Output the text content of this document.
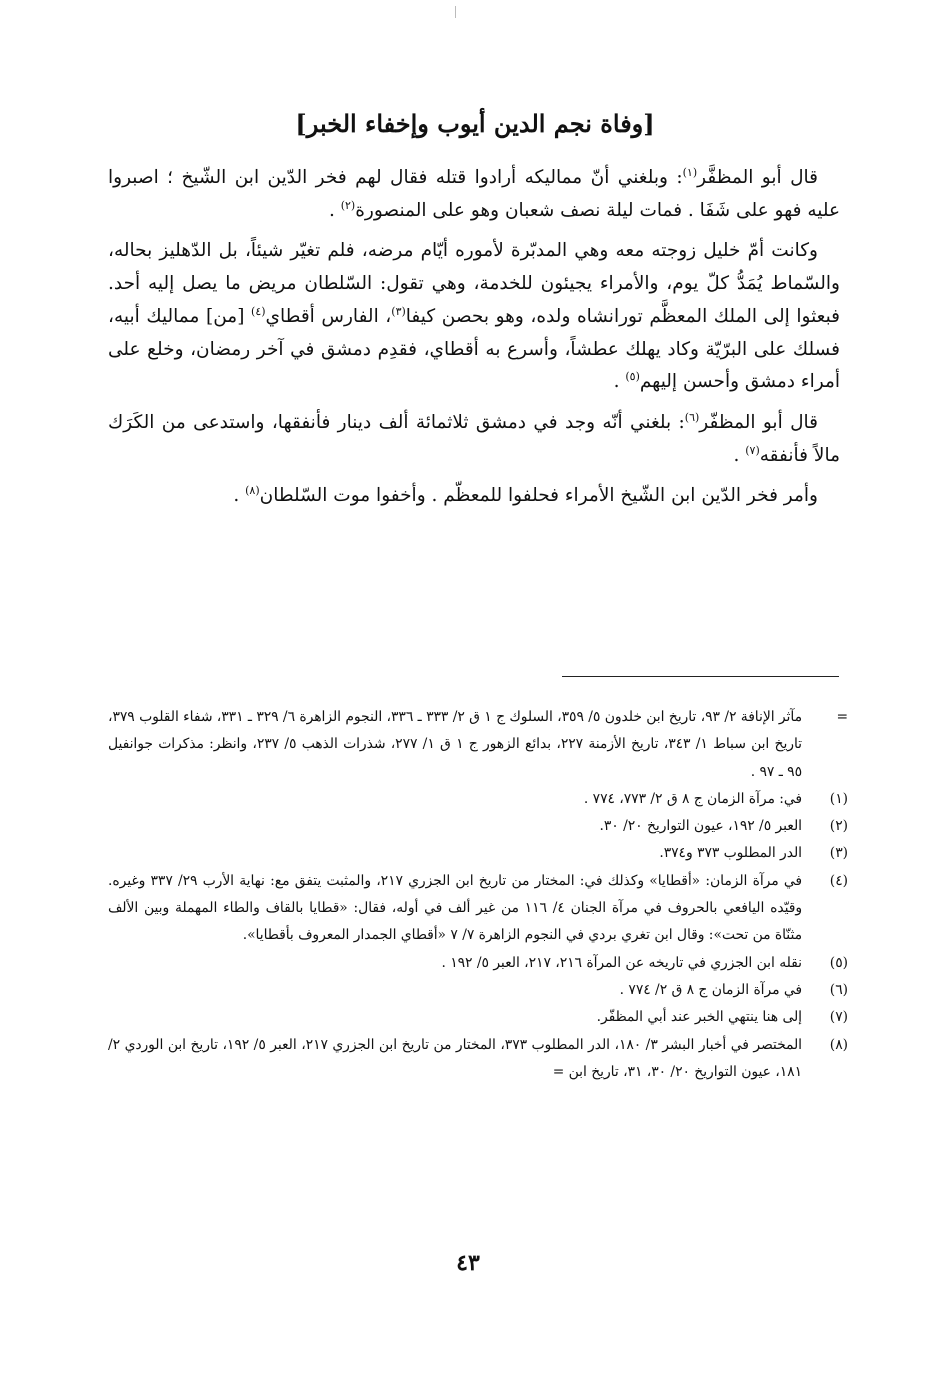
[وفاة نجم الدين أيوب وإخفاء الخبر]

قال أبو المظفَّر$^{(١)}$: وبلغني أنّ مماليكه أرادوا قتله فقال لهم فخر الدّين ابن الشّيخ ؛ اصبروا عليه فهو على شَفَا . فمات ليلة نصف شعبان وهو على المنصورة$^{(٢)}$ .

وكانت أمّ خليل زوجته معه وهي المدبّرة لأموره أيّام مرضه، فلم تغيّر شيئاً، بل الدّهليز بحاله، والسّماط يُمَدُّ كلّ يوم، والأمراء يجيئون للخدمة، وهي تقول: السّلطان مريض ما يصل إليه أحد. فبعثوا إلى الملك المعظَّم تورانشاه ولده، وهو بحصن كيفا$^{(٣)}$، الفارس أقطاي$^{(٤)}$ [من] مماليك أبيه، فسلك على البرّيّة وكاد يهلك عطشاً، وأسرع به أقطاي، فقدِم دمشق في آخر رمضان، وخلع على أمراء دمشق وأحسن إليهم$^{(٥)}$ .

قال أبو المظفّر$^{(٦)}$: بلغني أنّه وجد في دمشق ثلاثمائة ألف دينار فأنفقها، واستدعى من الكَرَك مالاً فأنفقه$^{(٧)}$ .

وأمر فخر الدّين ابن الشّيخ الأمراء فحلفوا للمعظّم . وأخفوا موت السّلطان$^{(٨)}$ .

=
مآثر الإنافة ٢/ ٩٣، تاريخ ابن خلدون ٥/ ٣٥٩، السلوك ج ١ ق ٢/ ٣٣٣ ـ ٣٣٦، النجوم الزاهرة ٦/ ٣٢٩ ـ ٣٣١، شفاء القلوب ٣٧٩، تاريخ ابن سباط ١/ ٣٤٣، تاريخ الأزمنة ٢٢٧، بدائع الزهور ج ١ ق ١/ ٢٧٧، شذرات الذهب ٥/ ٢٣٧، وانظر: مذكرات جوانفيل ٩٥ ـ ٩٧ .
(١)
في: مرآة الزمان ج ٨ ق ٢/ ٧٧٣، ٧٧٤ .
(٢)
العبر ٥/ ١٩٢، عيون التواريخ ٢٠/ ٣٠.
(٣)
الدر المطلوب ٣٧٣ و٣٧٤.
(٤)
في مرآة الزمان: «أقطايا» وكذلك في: المختار من تاريخ ابن الجزري ٢١٧، والمثبت يتفق مع: نهاية الأرب ٢٩/ ٣٣٧ وغيره. وقيّده اليافعي بالحروف في مرآة الجنان ٤/ ١١٦ من غير ألف في أوله، فقال: «قطايا بالقاف والطاء المهملة وبين الألف مثنّاة من تحت»: وقال ابن تغري بردي في النجوم الزاهرة ٧/ ٧ «أقطاي الجمدار المعروف بأقطايا».
(٥)
نقله ابن الجزري في تاريخه عن المرآة ٢١٦، ٢١٧، العبر ٥/ ١٩٢ .
(٦)
في مرآة الزمان ج ٨ ق ٢/ ٧٧٤ .
(٧)
إلى هنا ينتهي الخبر عند أبي المظفّر.
(٨)
المختصر في أخبار البشر ٣/ ١٨٠، الدر المطلوب ٣٧٣، المختار من تاريخ ابن الجزري ٢١٧، العبر ٥/ ١٩٢، تاريخ ابن الوردي ٢/ ١٨١، عيون التواريخ ٢٠/ ٣٠، ٣١، تاريخ ابن =
٤٣
